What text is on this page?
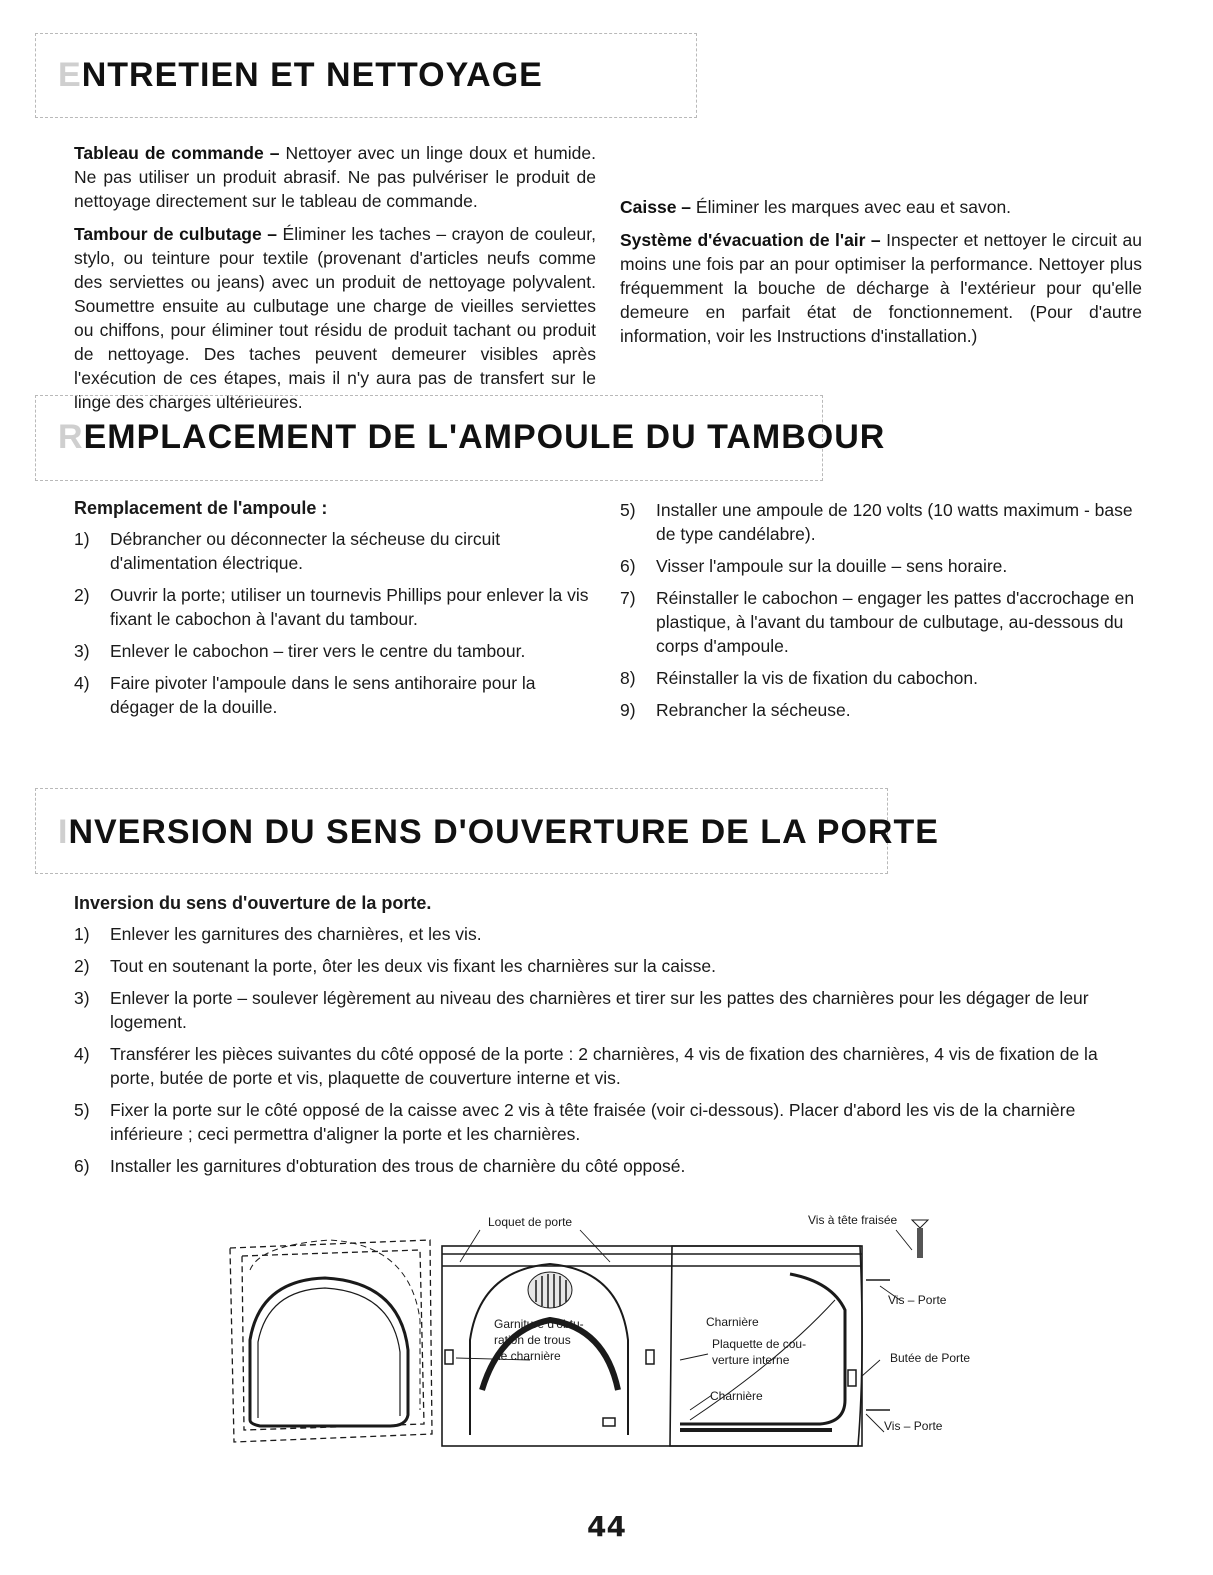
ENTRETIEN ET NETTOYAGE

Tableau de commande – Nettoyer avec un linge doux et humide. Ne pas utiliser un produit abrasif. Ne pas pulvériser le produit de nettoyage directement sur le tableau de commande.

Tambour de culbutage – Éliminer les taches – crayon de couleur, stylo, ou teinture pour textile (provenant d'articles neufs comme des serviettes ou jeans) avec un produit de nettoyage polyvalent. Soumettre ensuite au culbutage une charge de vieilles serviettes ou chiffons, pour éliminer tout résidu de produit tachant ou produit de nettoyage. Des taches peuvent demeurer visibles après l'exécution de ces étapes, mais il n'y aura pas de transfert sur le linge des charges ultérieures.

Caisse – Éliminer les marques avec eau et savon.

Système d'évacuation de l'air – Inspecter et nettoyer le circuit au moins une fois par an pour optimiser la performance. Nettoyer plus fréquemment la bouche de décharge à l'extérieur pour qu'elle demeure en parfait état de fonctionnement. (Pour d'autre information, voir les Instructions d'installation.)

REMPLACEMENT DE L'AMPOULE DU TAMBOUR
Remplacement de l'ampoule :
1) Débrancher ou déconnecter la sécheuse du circuit d'alimentation électrique.
2) Ouvrir la porte; utiliser un tournevis Phillips pour enlever la vis fixant le cabochon à l'avant du tambour.
3) Enlever le cabochon – tirer vers le centre du tambour.
4) Faire pivoter l'ampoule dans le sens antihoraire pour la dégager de la douille.
5) Installer une ampoule de 120 volts (10 watts maximum - base de type candélabre).
6) Visser l'ampoule sur la douille – sens horaire.
7) Réinstaller le cabochon – engager les pattes d'accrochage en plastique, à l'avant du tambour de culbutage, au-dessous du corps d'ampoule.
8) Réinstaller la vis de fixation du cabochon.
9) Rebrancher la sécheuse.
INVERSION DU SENS D'OUVERTURE DE LA PORTE
Inversion du sens d'ouverture de la porte.
1) Enlever les garnitures des charnières, et les vis.
2) Tout en soutenant la porte, ôter les deux vis fixant les charnières sur la caisse.
3) Enlever la porte – soulever légèrement au niveau des charnières et tirer sur les pattes des charnières pour les dégager de leur logement.
4) Transférer les pièces suivantes du côté opposé de la porte : 2 charnières, 4 vis de fixation des charnières, 4 vis de fixation de la porte, butée de porte et vis, plaquette de couverture interne et vis.
5) Fixer la porte sur le côté opposé de la caisse avec 2 vis à tête fraisée (voir ci-dessous). Placer d'abord les vis de la charnière inférieure ; ceci permettra d'aligner la porte et les charnières.
6) Installer les garnitures d'obturation des trous de charnière du côté opposé.
Loquet de porte	Vis à tête fraisée
Vis – Porte
Garniture d'obtu-
ration de trous
de charnière
Charnière
Plaquette de cou-
verture interne	Butée de Porte
Charnière
Vis – Porte
44
